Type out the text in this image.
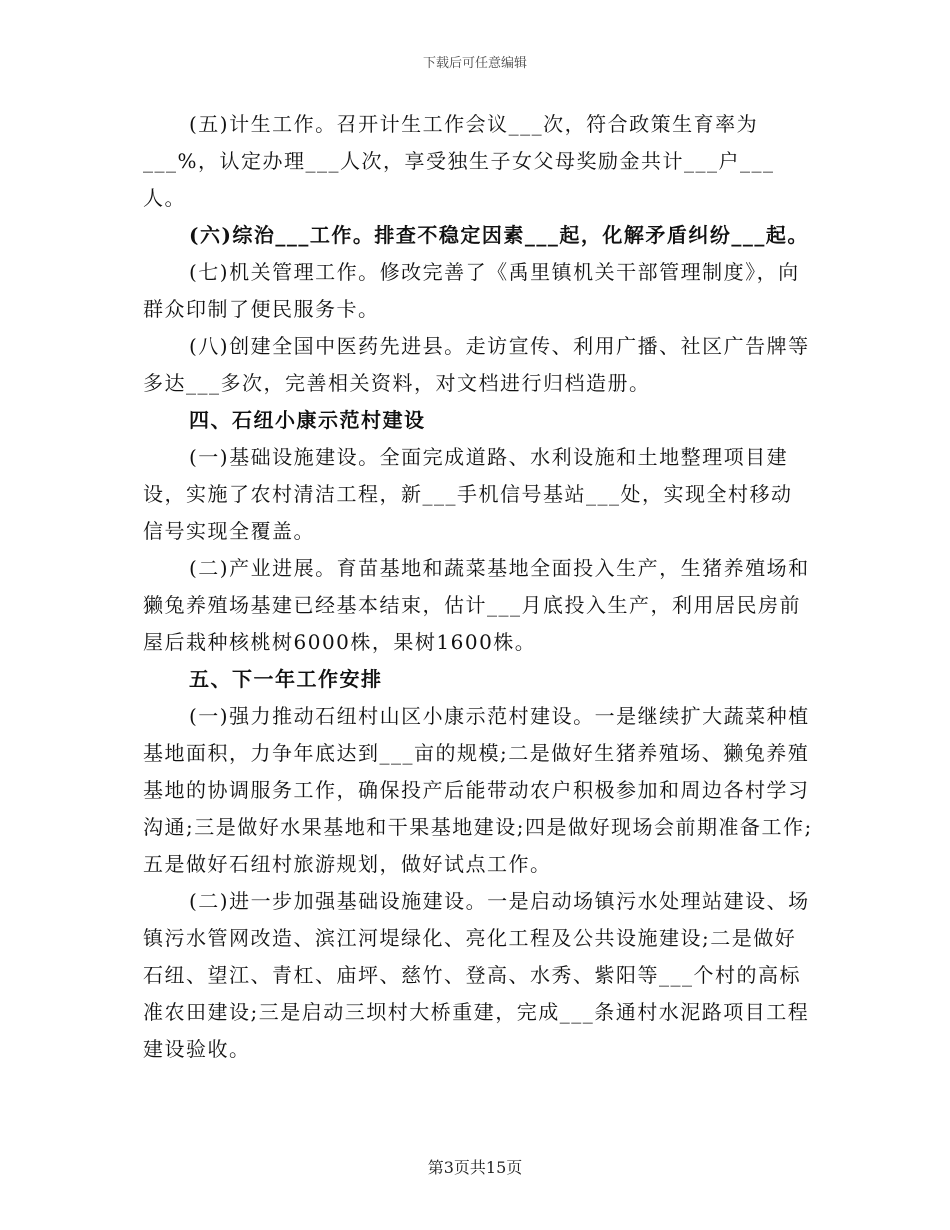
下载后可任意编辑

(五)计生工作。召开计生工作会议___次，符合政策生育率为___%，认定办理___人次，享受独生子女父母奖励金共计___户___人。

(六)综治___工作。排查不稳定因素___起，化解矛盾纠纷___起。

(七)机关管理工作。修改完善了《禹里镇机关干部管理制度》，向群众印制了便民服务卡。

(八)创建全国中医药先进县。走访宣传、利用广播、社区广告牌等多达___多次，完善相关资料，对文档进行归档造册。

四、石纽小康示范村建设

(一)基础设施建设。全面完成道路、水利设施和土地整理项目建设，实施了农村清洁工程，新___手机信号基站___处，实现全村移动信号实现全覆盖。

(二)产业进展。育苗基地和蔬菜基地全面投入生产，生猪养殖场和獭兔养殖场基建已经基本结束，估计___月底投入生产，利用居民房前屋后栽种核桃树6000株，果树1600株。

五、下一年工作安排

(一)强力推动石纽村山区小康示范村建设。一是继续扩大蔬菜种植基地面积，力争年底达到___亩的规模;二是做好生猪养殖场、獭兔养殖基地的协调服务工作，确保投产后能带动农户积极参加和周边各村学习沟通;三是做好水果基地和干果基地建设;四是做好现场会前期准备工作;五是做好石纽村旅游规划，做好试点工作。

(二)进一步加强基础设施建设。一是启动场镇污水处理站建设、场镇污水管网改造、滨江河堤绿化、亮化工程及公共设施建设;二是做好石纽、望江、青杠、庙坪、慈竹、登高、水秀、紫阳等___个村的高标准农田建设;三是启动三坝村大桥重建，完成___条通村水泥路项目工程建设验收。

第3页共15页
